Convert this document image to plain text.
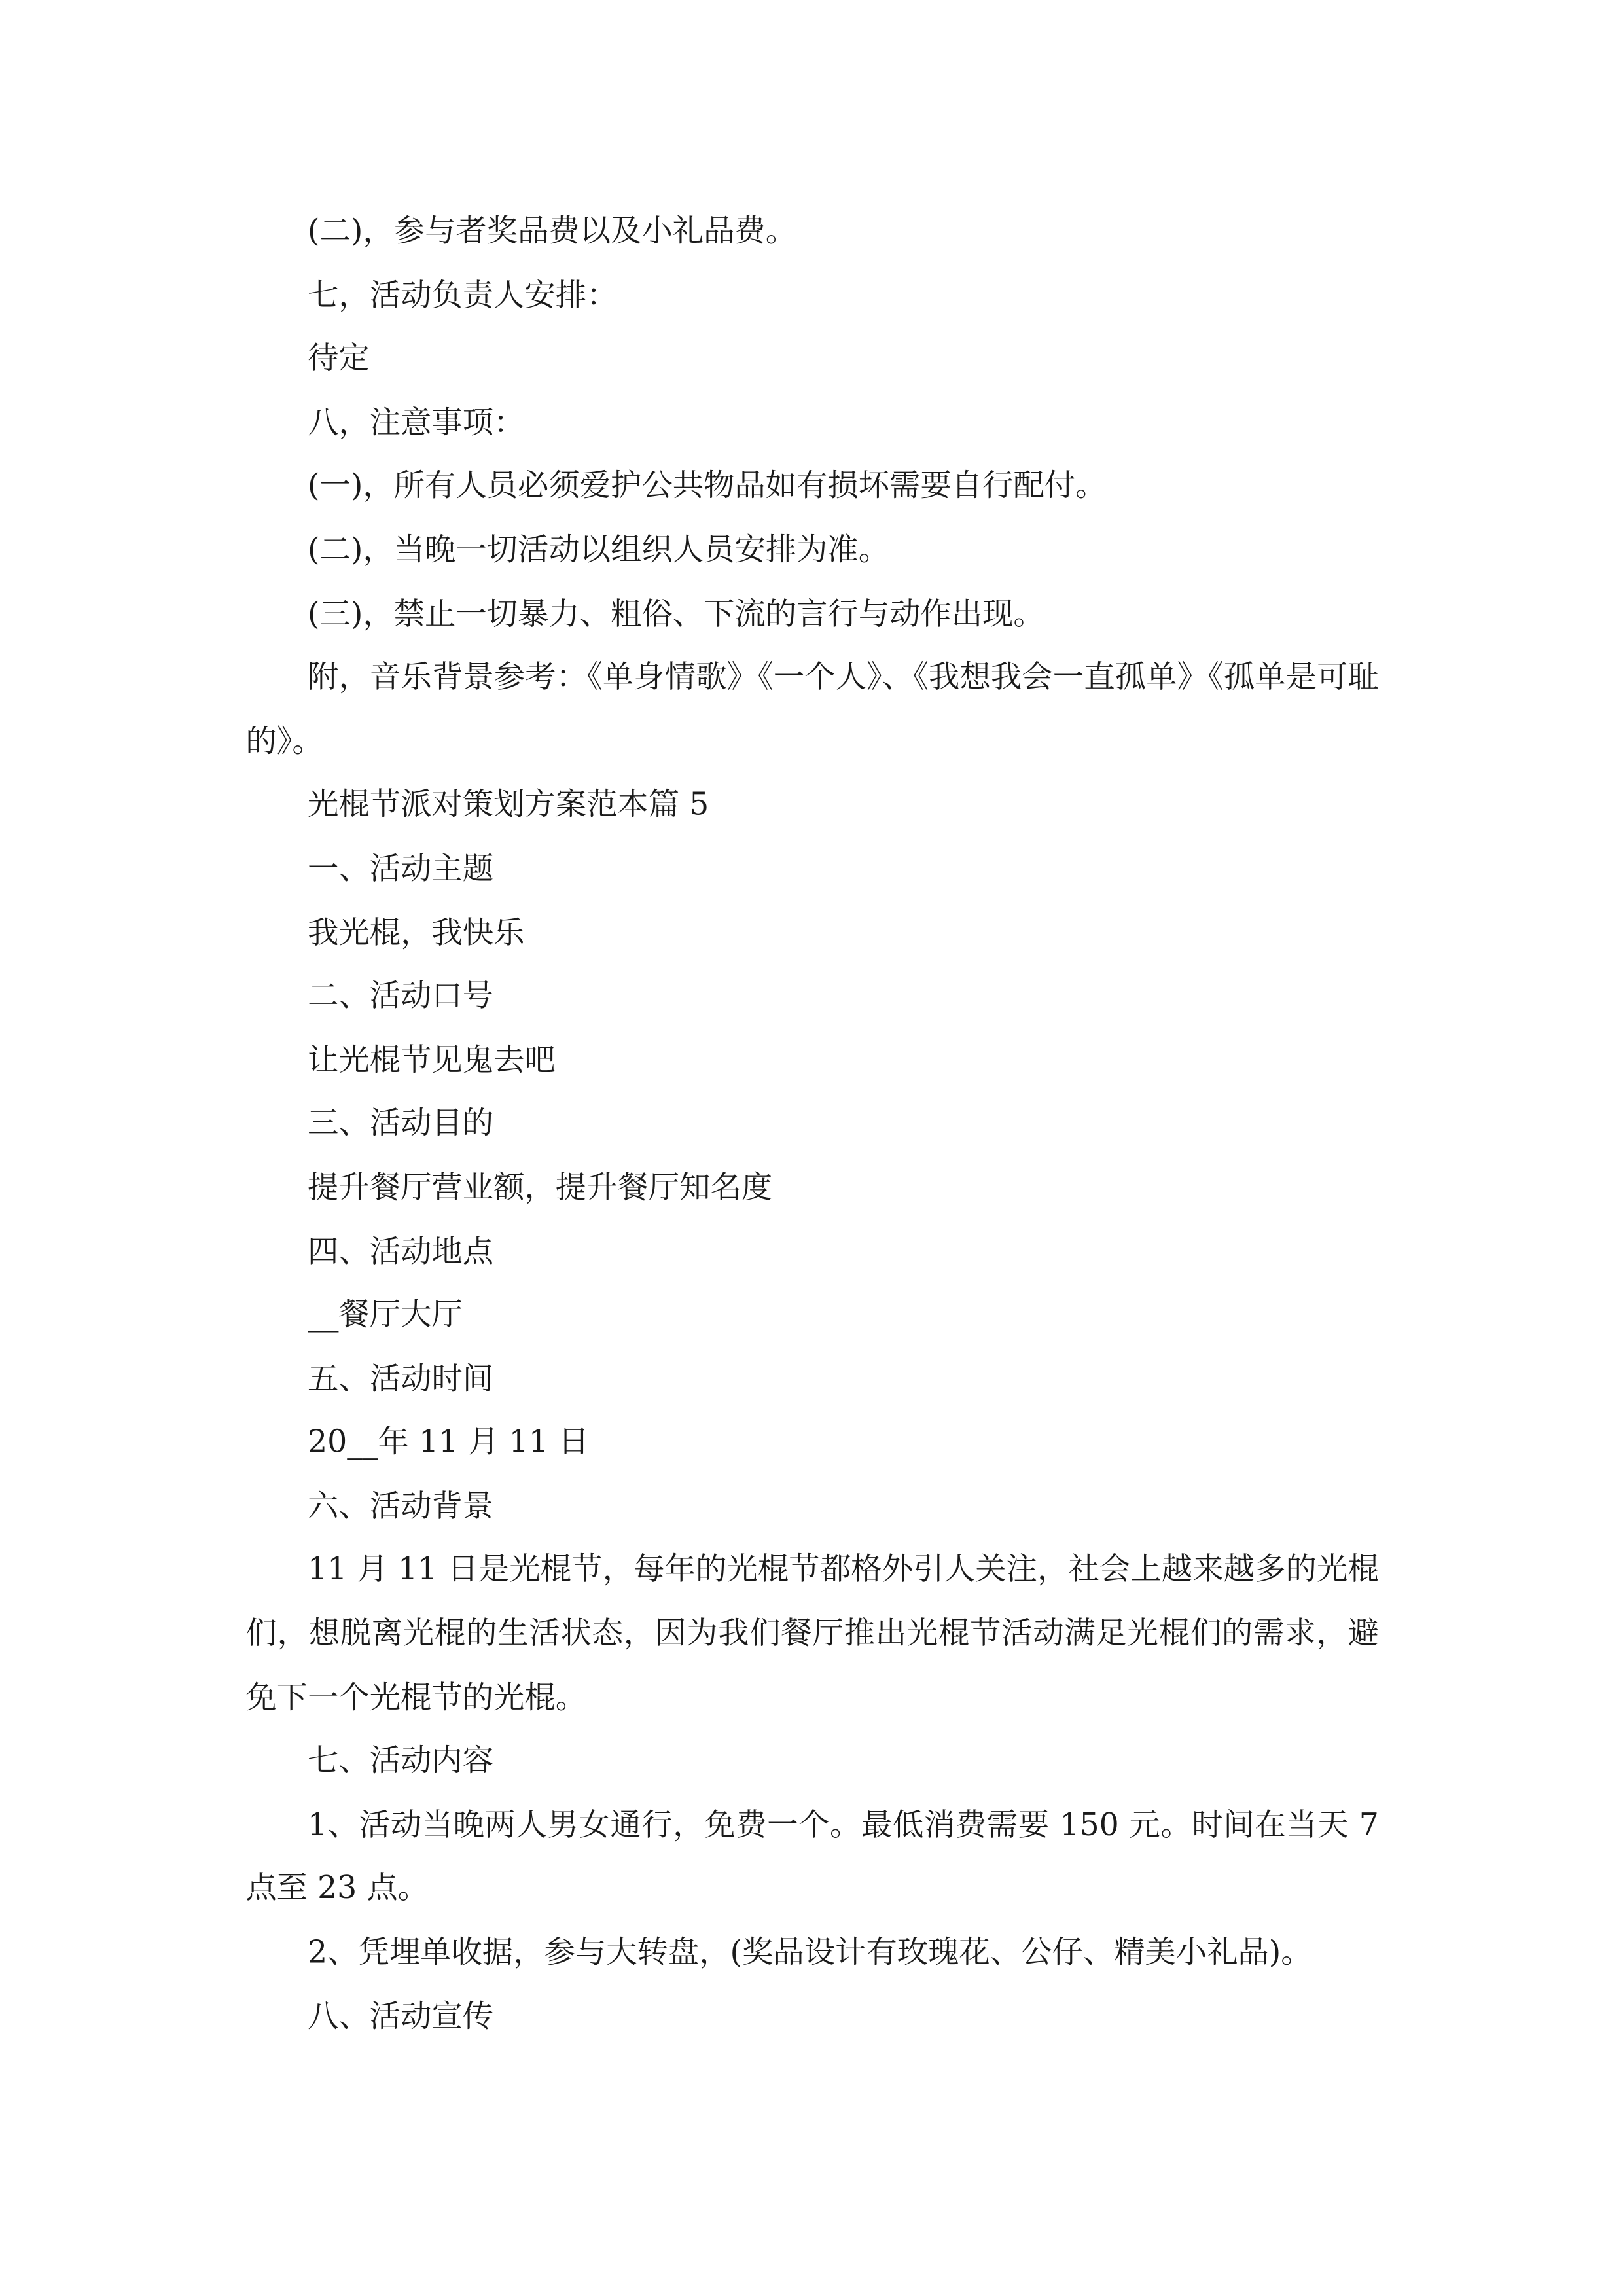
(二)，参与者奖品费以及小礼品费。

七，活动负责人安排：

待定

八，注意事项：

(一)，所有人员必须爱护公共物品如有损坏需要自行配付。

(二)，当晚一切活动以组织人员安排为准。

(三)，禁止一切暴力、粗俗、下流的言行与动作出现。

附，音乐背景参考：《单身情歌》《一个人》、《我想我会一直孤单》《孤单是可耻的》。

光棍节派对策划方案范本篇 5

一、活动主题

我光棍，我快乐

二、活动口号

让光棍节见鬼去吧

三、活动目的

提升餐厅营业额，提升餐厅知名度

四、活动地点

__餐厅大厅

五、活动时间

20__年 11 月 11 日

六、活动背景

11 月 11 日是光棍节，每年的光棍节都格外引人关注，社会上越来越多的光棍们，想脱离光棍的生活状态，因为我们餐厅推出光棍节活动满足光棍们的需求，避免下一个光棍节的光棍。

七、活动内容

1、活动当晚两人男女通行，免费一个。最低消费需要 150 元。时间在当天 7 点至 23 点。

2、凭埋单收据，参与大转盘，(奖品设计有玫瑰花、公仔、精美小礼品)。

八、活动宣传
